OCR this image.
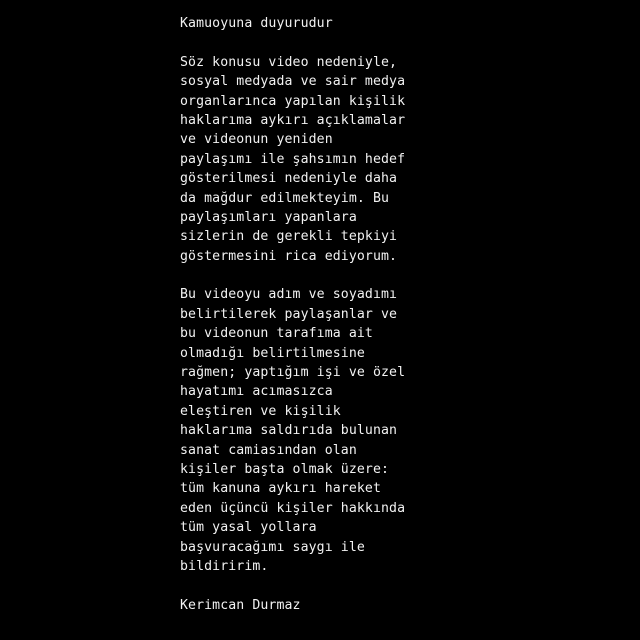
Kamuoyuna duyurudur
Söz konusu video nedeniyle,
sosyal medyada ve sair medya
organlarınca yapılan kişilik
haklarıma aykırı açıklamalar
ve videonun yeniden
paylaşımı ile şahsımın hedef
gösterilmesi nedeniyle daha
da mağdur edilmekteyim. Bu
paylaşımları yapanlara
sizlerin de gerekli tepkiyi
göstermesini rica ediyorum.
Bu videoyu adım ve soyadımı
belirtilerek paylaşanlar ve
bu videonun tarafıma ait
olmadığı belirtilmesine
rağmen; yaptığım işi ve özel
hayatımı acımasızca
eleştiren ve kişilik
haklarıma saldırıda bulunan
sanat camiasından olan
kişiler başta olmak üzere:
tüm kanuna aykırı hareket
eden üçüncü kişiler hakkında
tüm yasal yollara
başvuracağımı saygı ile
bildiririm.
Kerimcan Durmaz
